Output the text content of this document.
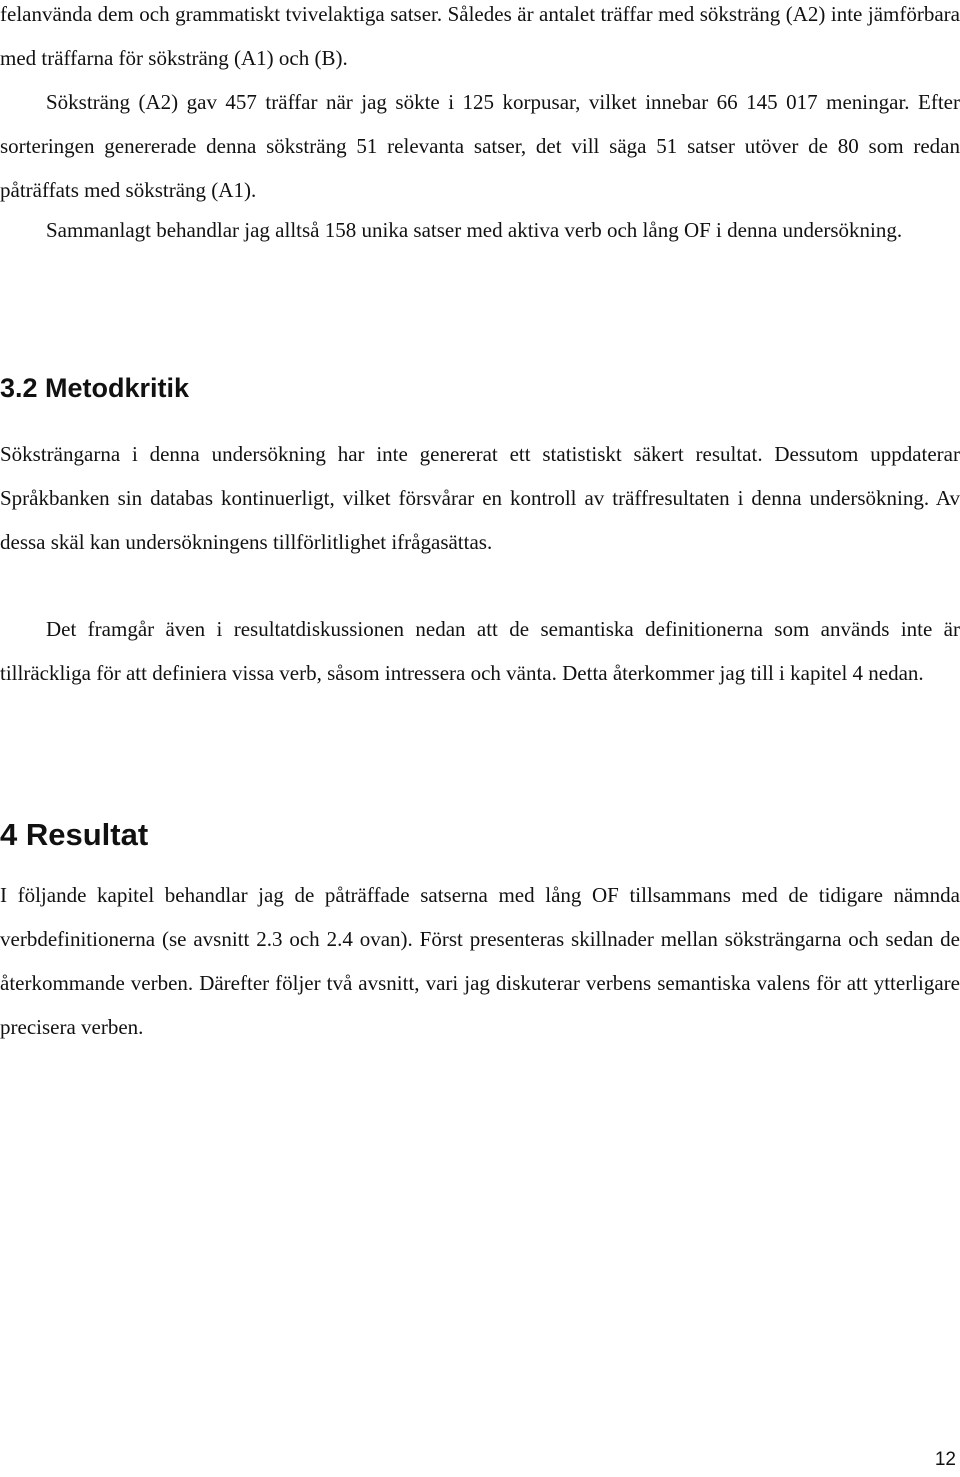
felanvända dem och grammatiskt tvivelaktiga satser. Således är antalet träffar med söksträng (A2) inte jämförbara med träffarna för söksträng (A1) och (B).

Söksträng (A2) gav 457 träffar när jag sökte i 125 korpusar, vilket innebar 66 145 017 meningar. Efter sorteringen genererade denna söksträng 51 relevanta satser, det vill säga 51 satser utöver de 80 som redan påträffats med söksträng (A1).

Sammanlagt behandlar jag alltså 158 unika satser med aktiva verb och lång OF i denna undersökning.

3.2 Metodkritik

Söksträngarna i denna undersökning har inte genererat ett statistiskt säkert resultat. Dessutom uppdaterar Språkbanken sin databas kontinuerligt, vilket försvårar en kontroll av träffresultaten i denna undersökning. Av dessa skäl kan undersökningens tillförlitlighet ifrågasättas.

Det framgår även i resultatdiskussionen nedan att de semantiska definitionerna som används inte är tillräckliga för att definiera vissa verb, såsom intressera och vänta. Detta återkommer jag till i kapitel 4 nedan.

4 Resultat

I följande kapitel behandlar jag de påträffade satserna med lång OF tillsammans med de tidigare nämnda verbdefinitionerna (se avsnitt 2.3 och 2.4 ovan). Först presenteras skillnader mellan söksträngarna och sedan de återkommande verben. Därefter följer två avsnitt, vari jag diskuterar verbens semantiska valens för att ytterligare precisera verben.

12
